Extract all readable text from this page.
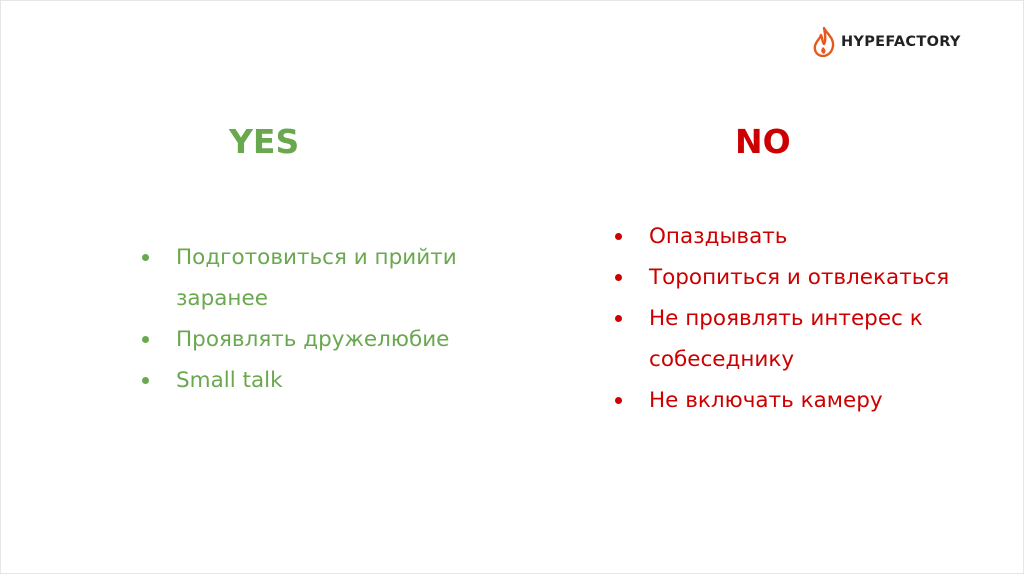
HYPEFACTORY
YES	NO
Подготовиться и прийти заранее
Проявлять дружелюбие
Small talk
Опаздывать
Торопиться и отвлекаться
Не проявлять интерес к собеседнику
Не включать камеру
